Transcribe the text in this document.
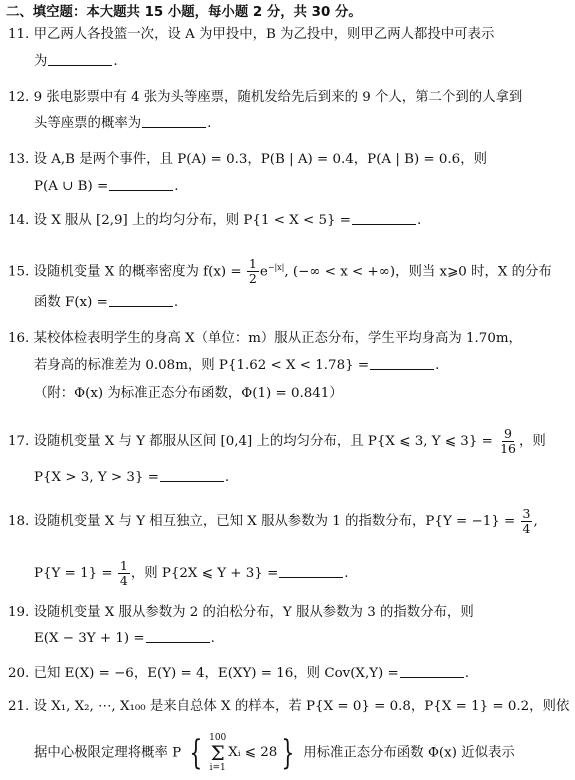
二、填空题：本大题共 15 小题，每小题 2 分，共 30 分。
11. 甲乙两人各投篮一次，设 A 为甲投中，B 为乙投中，则甲乙两人都投中可表示
为	.
12. 9 张电影票中有 4 张为头等座票，随机发给先后到来的 9 个人，第二个到的人拿到
头等座票的概率为	.
13. 设 A,B 是两个事件，且 P(A) = 0.3，P(B | A) = 0.4，P(A | B) = 0.6，则
P(A ∪ B) =	.
14. 设 X 服从 [2,9] 上的均匀分布，则 P{1 < X < 5} =	.
15. 设随机变量 X 的概率密度为 $f(x) = \frac{1}{2} e^{-|x|}$, (−∞ < x < +∞)，则当 x⩾0 时，X 的分布
函数 F(x) =	.
16. 某校体检表明学生的身高 X（单位：m）服从正态分布，学生平均身高为 1.70m，
若身高的标准差为 0.08m，则 P{1.62 < X < 1.78} =	.
（附：Φ(x) 为标准正态分布函数，Φ(1) = 0.841）
17. 设随机变量 X 与 Y 都服从区间 [0,4] 上的均匀分布，且 P{X ⩽ 3, Y ⩽ $3\} = \frac{9}{16}$ ，则
P{X > 3, Y > 3} =	.
18. 设随机变量 X 与 Y 相互独立，已知 X 服从参数为 1 的指数分布，$P\{Y = -1\} = \frac{3}{4}$ ,
$P\{Y = 1\} = \frac{1}{4}$ ，则 P{2X ⩽ Y + 3} =	.
19. 设随机变量 X 服从参数为 2 的泊松分布，Y 服从参数为 3 的指数分布，则
E(X − 3Y + 1) =	.
20. 已知 E(X) = −6，E(Y) = 4，E(XY) = 16，则 Cov(X,Y) =	.
21. 设 X₁, X₂, ⋯, X₁₀₀ 是来自总体 X 的样本，若 P{X = 0} = 0.8，P{X = 1} = 0.2，则依
据中心极限定理将概率 P { 100
Σ
i=1
Xᵢ ⩽ 28 } 用标准正态分布函数 Φ(x) 近似表示
